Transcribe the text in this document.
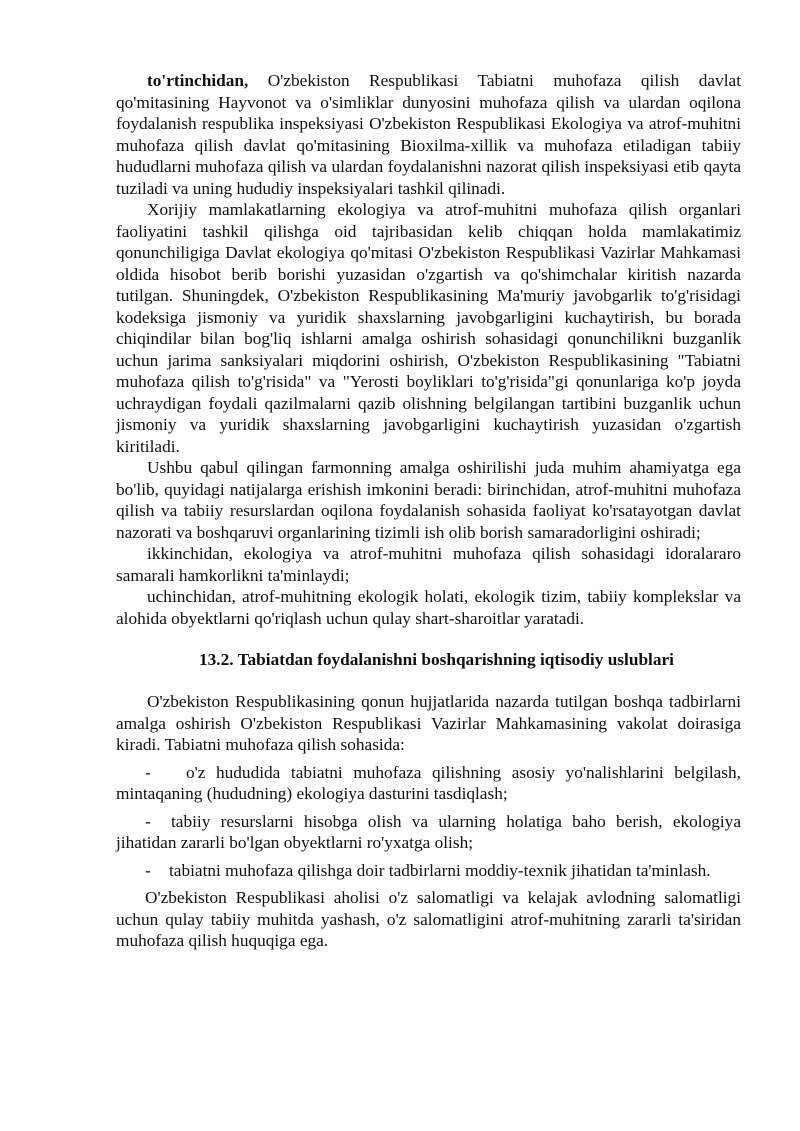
to'rtinchidan, O'zbekiston Respublikasi Tabiatni muhofaza qilish davlat qo'mitasining Hayvonot va o'simliklar dunyosini muhofaza qilish va ulardan oqilona foydalanish respublika inspeksiyasi O'zbekiston Respublikasi Ekologiya va atrof-muhitni muhofaza qilish davlat qo'mitasining Bioxilma-xillik va muhofaza etiladigan tabiiy hududlarni muhofaza qilish va ulardan foydalanishni nazorat qilish inspeksiyasi etib qayta tuziladi va uning hududiy inspeksiyalari tashkil qilinadi.

Xorijiy mamlakatlarning ekologiya va atrof-muhitni muhofaza qilish organlari faoliyatini tashkil qilishga oid tajribasidan kelib chiqqan holda mamlakatimiz qonunchiligiga Davlat ekologiya qo'mitasi O'zbekiston Respublikasi Vazirlar Mahkamasi oldida hisobot berib borishi yuzasidan o'zgartish va qo'shimchalar kiritish nazarda tutilgan. Shuningdek, O'zbekiston Respublikasining Ma'muriy javobgarlik to'g'risidagi kodeksiga jismoniy va yuridik shaxslarning javobgarligini kuchaytirish, bu borada chiqindilar bilan bog'liq ishlarni amalga oshirish sohasidagi qonunchilikni buzganlik uchun jarima sanksiyalari miqdorini oshirish, O'zbekiston Respublikasining "Tabiatni muhofaza qilish to'g'risida" va "Yerosti boyliklari to'g'risida"gi qonunlariga ko'p joyda uchraydigan foydali qazilmalarni qazib olishning belgilangan tartibini buzganlik uchun jismoniy va yuridik shaxslarning javobgarligini kuchaytirish yuzasidan o'zgartish kiritiladi.

Ushbu qabul qilingan farmonning amalga oshirilishi juda muhim ahamiyatga ega bo'lib, quyidagi natijalarga erishish imkonini beradi: birinchidan, atrof-muhitni muhofaza qilish va tabiiy resurslardan oqilona foydalanish sohasida faoliyat ko'rsatayotgan davlat nazorati va boshqaruvi organlarining tizimli ish olib borish samaradorligini oshiradi;

ikkinchidan, ekologiya va atrof-muhitni muhofaza qilish sohasidagi idoralararo samarali hamkorlikni ta'minlaydi;

uchinchidan, atrof-muhitning ekologik holati, ekologik tizim, tabiiy komplekslar va alohida obyektlarni qo'riqlash uchun qulay shart-sharoitlar yaratadi.

13.2. Tabiatdan foydalanishni boshqarishning iqtisodiy uslublari

O'zbekiston Respublikasining qonun hujjatlarida nazarda tutilgan boshqa tadbirlarni amalga oshirish O'zbekiston Respublikasi Vazirlar Mahkamasining vakolat doirasiga kiradi. Tabiatni muhofaza qilish sohasida:

- o'z hududida tabiatni muhofaza qilishning asosiy yo'nalishlarini belgilash, mintaqaning (hududning) ekologiya dasturini tasdiqlash;

- tabiiy resurslarni hisobga olish va ularning holatiga baho berish, ekologiya jihatidan zararli bo'lgan obyektlarni ro'yxatga olish;

- tabiatni muhofaza qilishga doir tadbirlarni moddiy-texnik jihatidan ta'minlash.

O'zbekiston Respublikasi aholisi o'z salomatligi va kelajak avlodning salomatligi uchun qulay tabiiy muhitda yashash, o'z salomatligini atrof-muhitning zararli ta'siridan muhofaza qilish huquqiga ega.
